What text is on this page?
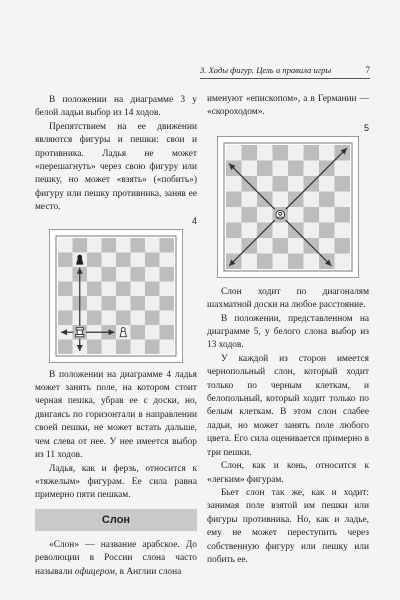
3. Ходы фигур. Цель и правила игры	7

В положении на диаграмме 3 у белой ладьи выбор из 14 ходов.

Препятствием на ее движении являются фигуры и пешки: свои и противника. Ладья не может «перешагнуть» через свою фигуру или пешку, но может «взять» («побить») фигуру или пешку противника, заняв ее место.

4

В положении на диаграмме 4 ладья может занять поле, на котором стоит черная пешка, убрав ее с доски, но, двигаясь по горизонтали в направлении своей пешки, не может встать дальше, чем слева от нее. У нее имеется выбор из 11 ходов.

Ладья, как и ферзь, относится к «тяжелым» фигурам. Ее сила равна примерно пяти пешкам.

Слон

«Слон» — название арабское. До революции в России слона часто называли офицером, в Англии слона

именуют «епископом», а в Германии — «скороходом».

5

Слон ходит по диагоналям шахматной доски на любое расстояние.

В положении, представленном на диаграмме 5, у белого слона выбор из 13 ходов.

У каждой из сторон имеется чернопольный слон, который ходит только по черным клеткам, и белопольный, который ходит только по белым клеткам. В этом слон слабее ладьи, но может занять поле любого цвета. Его сила оценивается примерно в три пешки.

Слон, как и конь, относится к «легким» фигурам.

Бьет слон так же, как и ходит: занимая поле взятой им пешки или фигуры противника. Но, как и ладье, ему не может переступить через собственную фигуру или пешку или побить ее.
